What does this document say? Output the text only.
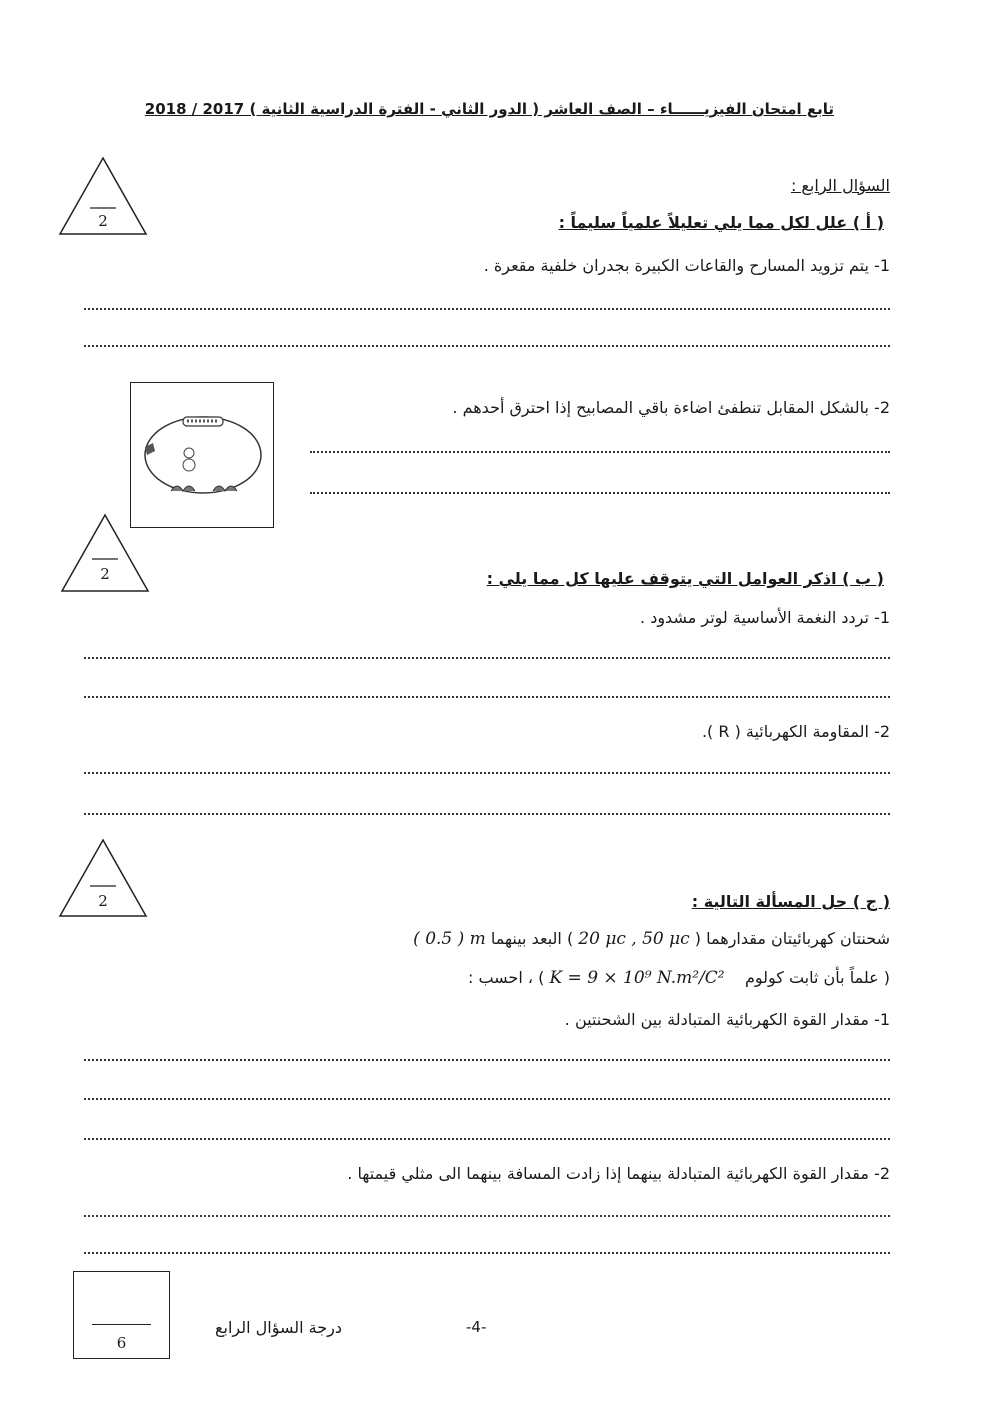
تابع امتحان الفيزيــــــاء – الصف العاشر ( الدور الثاني - الفترة الدراسية الثانية ) 2017 / 2018
السؤال الرابع :
2	( أ ) علل لكل مما يلي تعليلاً علمياً سليماً :
1- يتم تزويد المسارح والقاعات الكبيرة بجدران خلفية مقعرة .
2- بالشكل المقابل تنطفئ اضاءة باقي المصابيح إذا احترق أحدهم .
2	( ب ) اذكر العوامل التي يتوقف عليها كل مما يلي :
1- تردد النغمة الأساسية لوتر مشدود .
2- المقاومة الكهربائية ( R ).
2	( ج ) حل المسألة التالية :
شحنتان كهربائيتان مقدارهما ( 20 μc , 50 μc ) البعد بينهما ( 0.5 ) m
( علماً بأن ثابت كولوم    K = 9 × 10⁹ N.m²/C² ) ، احسب :
1- مقدار القوة الكهربائية المتبادلة بين الشحنتين .
2- مقدار القوة الكهربائية المتبادلة بينهما إذا زادت المسافة بينهما الى مثلي قيمتها .
6
درجة السؤال الرابع	-4-
